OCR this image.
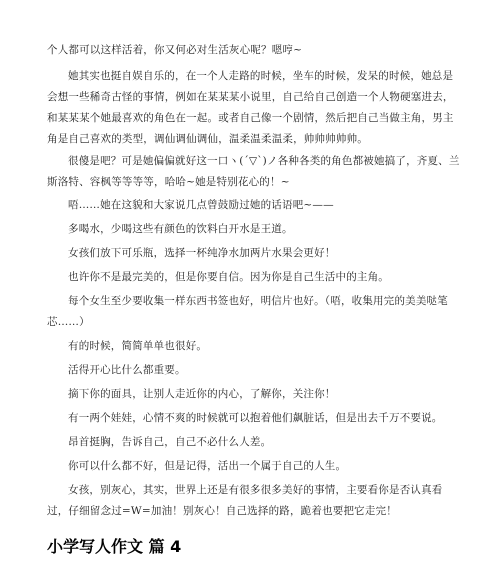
个人都可以这样活着，你又何必对生活灰心呢？嗯哼~

她其实也挺自娱自乐的，在一个人走路的时候，坐车的时候，发呆的时候，她总是会想一些稀奇古怪的事情，例如在某某某小说里，自己给自己创造一个人物硬塞进去，和某某某个她最喜欢的角色在一起。或者自己像一个剧情，然后把自己当做主角，男主角是自己喜欢的类型，调仙调仙调仙，温柔温柔温柔，帅帅帅帅帅。

很傻是吧？可是她偏偏就好这一口ヽ(ˊ▽ˋ)ノ各种各类的角色都被她搞了，齐夏、兰斯洛特、容枫等等等等，哈哈~她是特别花心的！~

唔……她在这貌和大家说几点曾鼓励过她的话语吧~——

多喝水，少喝这些有颜色的饮料白开水是王道。

女孩们放下可乐瓶，选择一杯纯净水加两片水果会更好！

也许你不是最完美的，但是你要自信。因为你是自己生活中的主角。

每个女生至少要收集一样东西书签也好，明信片也好。（唔，收集用完的美美哒笔芯……）

有的时候，简简单单也很好。

活得开心比什么都重要。

摘下你的面具，让别人走近你的内心，了解你，关注你！

有一两个娃娃，心情不爽的时候就可以抱着他们飙脏话，但是出去千万不要说。

昂首挺胸，告诉自己，自己不必什么人差。

你可以什么都不好，但是记得，活出一个属于自己的人生。

女孩，别灰心，其实，世界上还是有很多很多美好的事情，主要看你是否认真看过，仔细留念过=W=加油！别灰心！自己选择的路，跪着也要把它走完！

小学写人作文 篇 4
